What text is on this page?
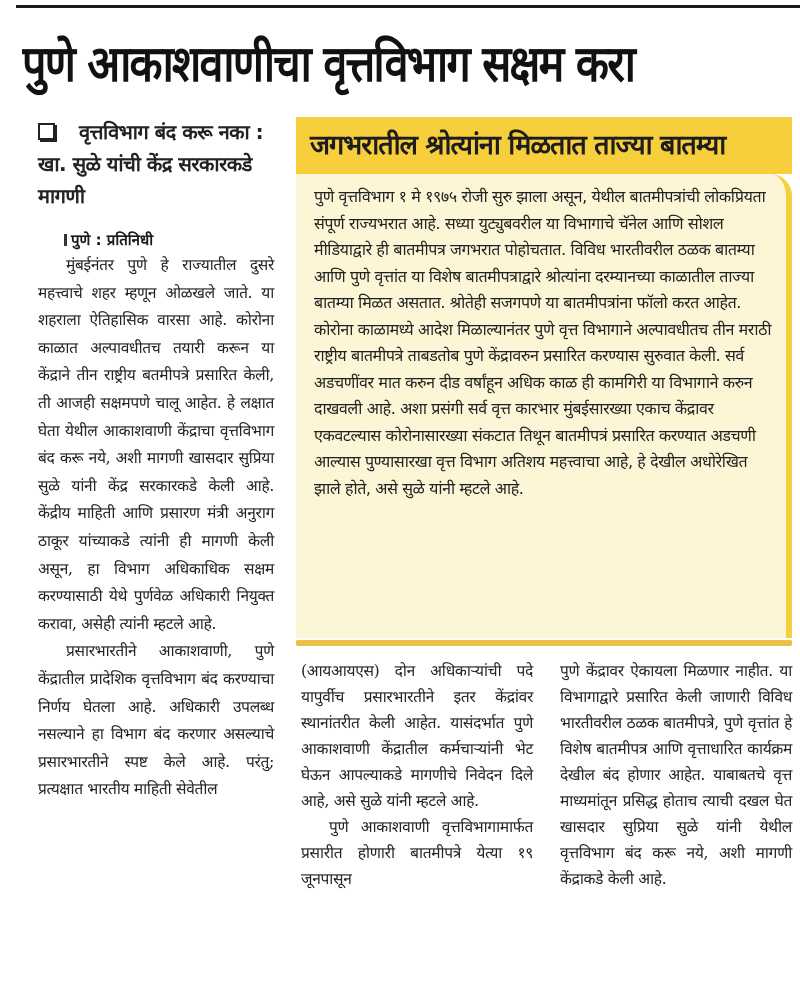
पुणे आकाशवाणीचा वृत्तविभाग सक्षम करा
वृत्तविभाग बंद करू नका : खा. सुळे यांची केंद्र सरकारकडे मागणी
पुणे : प्रतिनिधी

मुंबईनंतर पुणे हे राज्यातील दुसरे महत्त्वाचे शहर म्हणून ओळखले जाते. या शहराला ऐतिहासिक वारसा आहे. कोरोना काळात अल्पावधीतच तयारी करून या केंद्राने तीन राष्ट्रीय बतमीपत्रे प्रसारित केली, ती आजही सक्षमपणे चालू आहेत. हे लक्षात घेता येथील आकाशवाणी केंद्राचा वृत्तविभाग बंद करू नये, अशी मागणी खासदार सुप्रिया सुळे यांनी केंद्र सरकारकडे केली आहे. केंद्रीय माहिती आणि प्रसारण मंत्री अनुराग ठाकूर यांच्याकडे त्यांनी ही मागणी केली असून, हा विभाग अधिकाधिक सक्षम करण्यासाठी येथे पुर्णवेळ अधिकारी नियुक्त करावा, असेही त्यांनी म्हटले आहे.

प्रसारभारतीने आकाशवाणी, पुणे केंद्रातील प्रादेशिक वृत्तविभाग बंद करण्याचा निर्णय घेतला आहे. अधिकारी उपलब्ध नसल्याने हा विभाग बंद करणार असल्याचे प्रसारभारतीने स्पष्ट केले आहे. परंतु; प्रत्यक्षात भारतीय माहिती सेवेतील

जगभरातील श्रोत्यांना मिळतात ताज्या बातम्या
पुणे वृत्तविभाग १ मे १९७५ रोजी सुरु झाला असून, येथील बातमीपत्रांची लोकप्रियता संपूर्ण राज्यभरात आहे. सध्या युट्युबवरील या विभागाचे चॅनेल आणि सोशल मीडियाद्वारे ही बातमीपत्र जगभरात पोहोचतात. विविध भारतीवरील ठळक बातम्या आणि पुणे वृत्तांत या विशेष बातमीपत्राद्वारे श्रोत्यांना दरम्यानच्या काळातील ताज्या बातम्या मिळत असतात. श्रोतेही सजगपणे या बातमीपत्रांना फॉलो करत आहेत. कोरोना काळामध्ये आदेश मिळाल्यानंतर पुणे वृत्त विभागाने अल्पावधीतच तीन मराठी राष्ट्रीय बातमीपत्रे ताबडतोब पुणे केंद्रावरुन प्रसारित करण्यास सुरुवात केली. सर्व अडचणींवर मात करुन दीड वर्षांहून अधिक काळ ही कामगिरी या विभागाने करुन दाखवली आहे. अशा प्रसंगी सर्व वृत्त कारभार मुंबईसारख्या एकाच केंद्रावर एकवटल्यास कोरोनासारख्या संकटात तिथून बातमीपत्रं प्रसारित करण्यात अडचणी आल्यास पुण्यासारखा वृत्त विभाग अतिशय महत्त्वाचा आहे, हे देखील अधोरेखित झाले होते, असे सुळे यांनी म्हटले आहे.

(आयआयएस) दोन अधिकाऱ्यांची पदे यापुर्वीच प्रसारभारतीने इतर केंद्रांवर स्थानांतरीत केली आहेत. यासंदर्भात पुणे आकाशवाणी केंद्रातील कर्मचाऱ्यांनी भेट घेऊन आपल्याकडे मागणीचे निवेदन दिले आहे, असे सुळे यांनी म्हटले आहे.

पुणे आकाशवाणी वृत्तविभागामार्फत प्रसारीत होणारी बातमीपत्रे येत्या १९ जूनपासून

पुणे केंद्रावर ऐकायला मिळणार नाहीत. या विभागाद्वारे प्रसारित केली जाणारी विविध भारतीवरील ठळक बातमीपत्रे, पुणे वृत्तांत हे विशेष बातमीपत्र आणि वृत्ताधारित कार्यक्रम देखील बंद होणार आहेत. याबाबतचे वृत्त माध्यमांतून प्रसिद्ध होताच त्याची दखल घेत खासदार सुप्रिया सुळे यांनी येथील वृत्तविभाग बंद करू नये, अशी मागणी केंद्राकडे केली आहे.
